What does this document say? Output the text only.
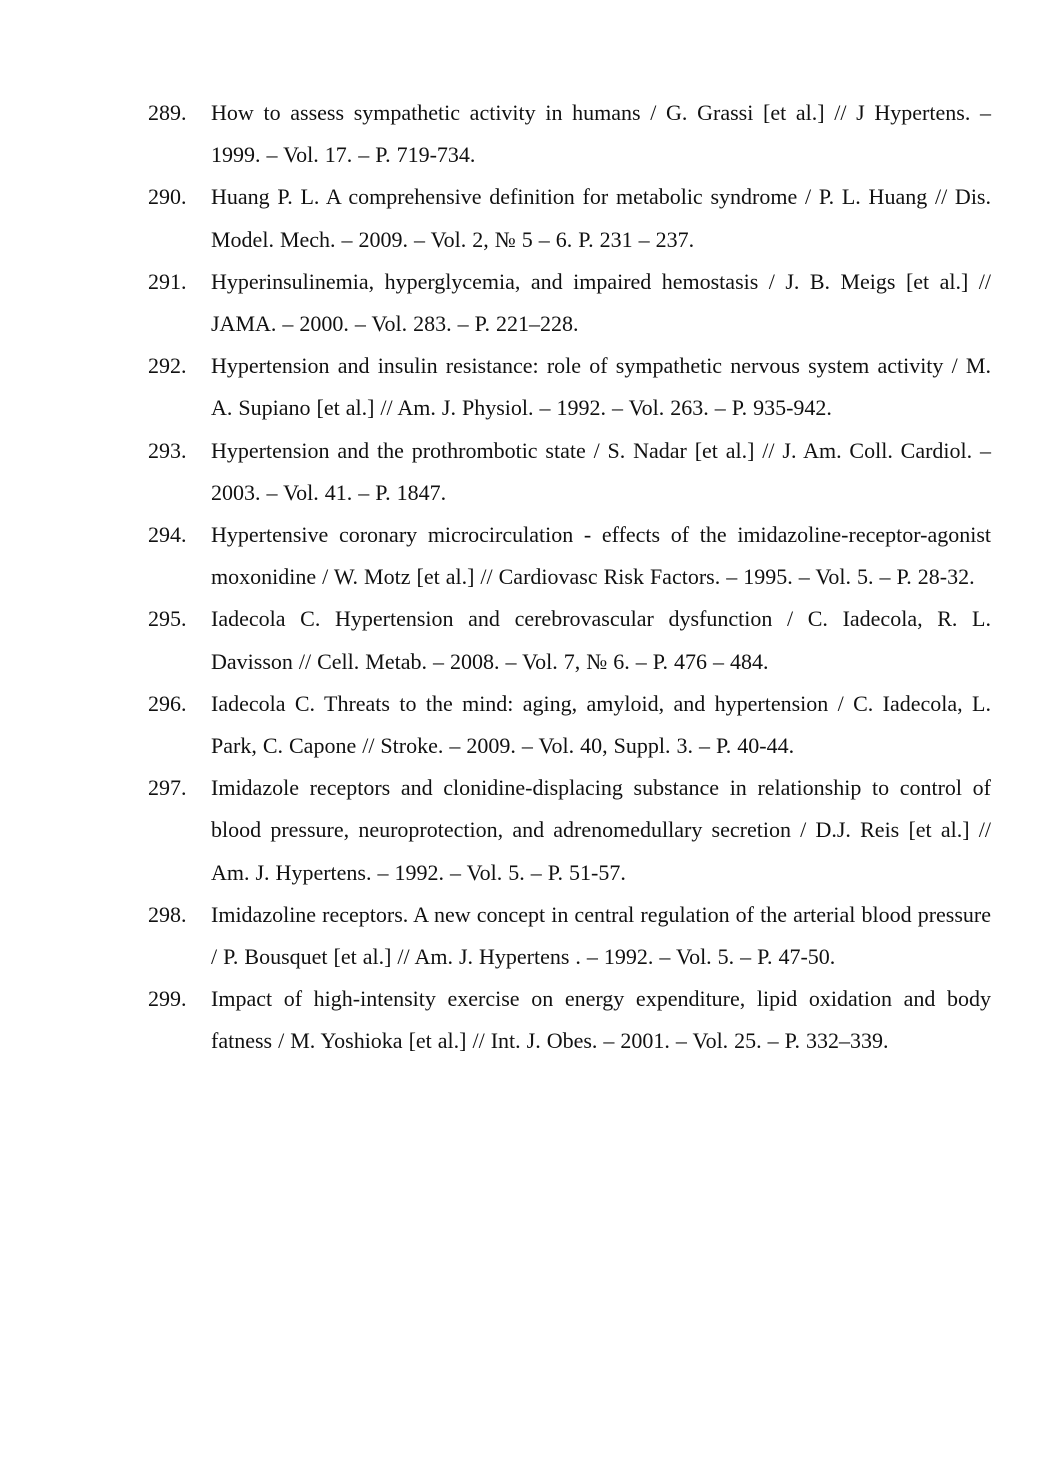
289.	How to assess sympathetic activity in humans / G. Grassi [et al.] // J Hypertens. – 1999. – Vol. 17. – P. 719-734.
290.	Huang P. L. A comprehensive definition for metabolic syndrome / P. L. Huang // Dis. Model. Mech. – 2009. – Vol. 2, № 5 – 6. P. 231 – 237.
291.	Hyperinsulinemia, hyperglycemia, and impaired hemostasis / J. B. Meigs [et al.] // JAMA. – 2000. – Vol. 283. – P. 221–228.
292.	Hypertension and insulin resistance: role of sympathetic nervous system activity / M. A. Supiano [et al.] // Am. J. Physiol. – 1992. – Vol. 263. – P. 935-942.
293.	Hypertension and the prothrombotic state / S. Nadar [et al.] // J. Am. Coll. Cardiol. – 2003. – Vol. 41. – P. 1847.
294.	Hypertensive coronary microcirculation - effects of the imidazoline-receptor-agonist moxonidine / W. Motz [et al.] // Cardiovasc Risk Factors. – 1995. – Vol. 5. – P. 28-32.
295.	Iadecola C. Hypertension and cerebrovascular dysfunction / C. Iadecola, R. L. Davisson // Cell. Metab. – 2008. – Vol. 7, № 6. – P. 476 – 484.
296.	Iadecola C. Threats to the mind: aging, amyloid, and hypertension / C. Iadecola, L. Park, C. Capone // Stroke. – 2009. – Vol. 40, Suppl. 3. – P. 40-44.
297.	Imidazole receptors and clonidine-displacing substance in relationship to control of blood pressure, neuroprotection, and adrenomedullary secretion / D.J. Reis [et al.] // Am. J. Hypertens. – 1992. – Vol. 5. – P. 51-57.
298.	Imidazoline receptors. A new concept in central regulation of the arterial blood pressure / P. Bousquet [et al.] // Am. J. Hypertens . – 1992. – Vol. 5. – P. 47-50.
299.	Impact of high-intensity exercise on energy expenditure, lipid oxidation and body fatness / M. Yoshioka [et al.] // Int. J. Obes. – 2001. – Vol. 25. – P. 332–339.
